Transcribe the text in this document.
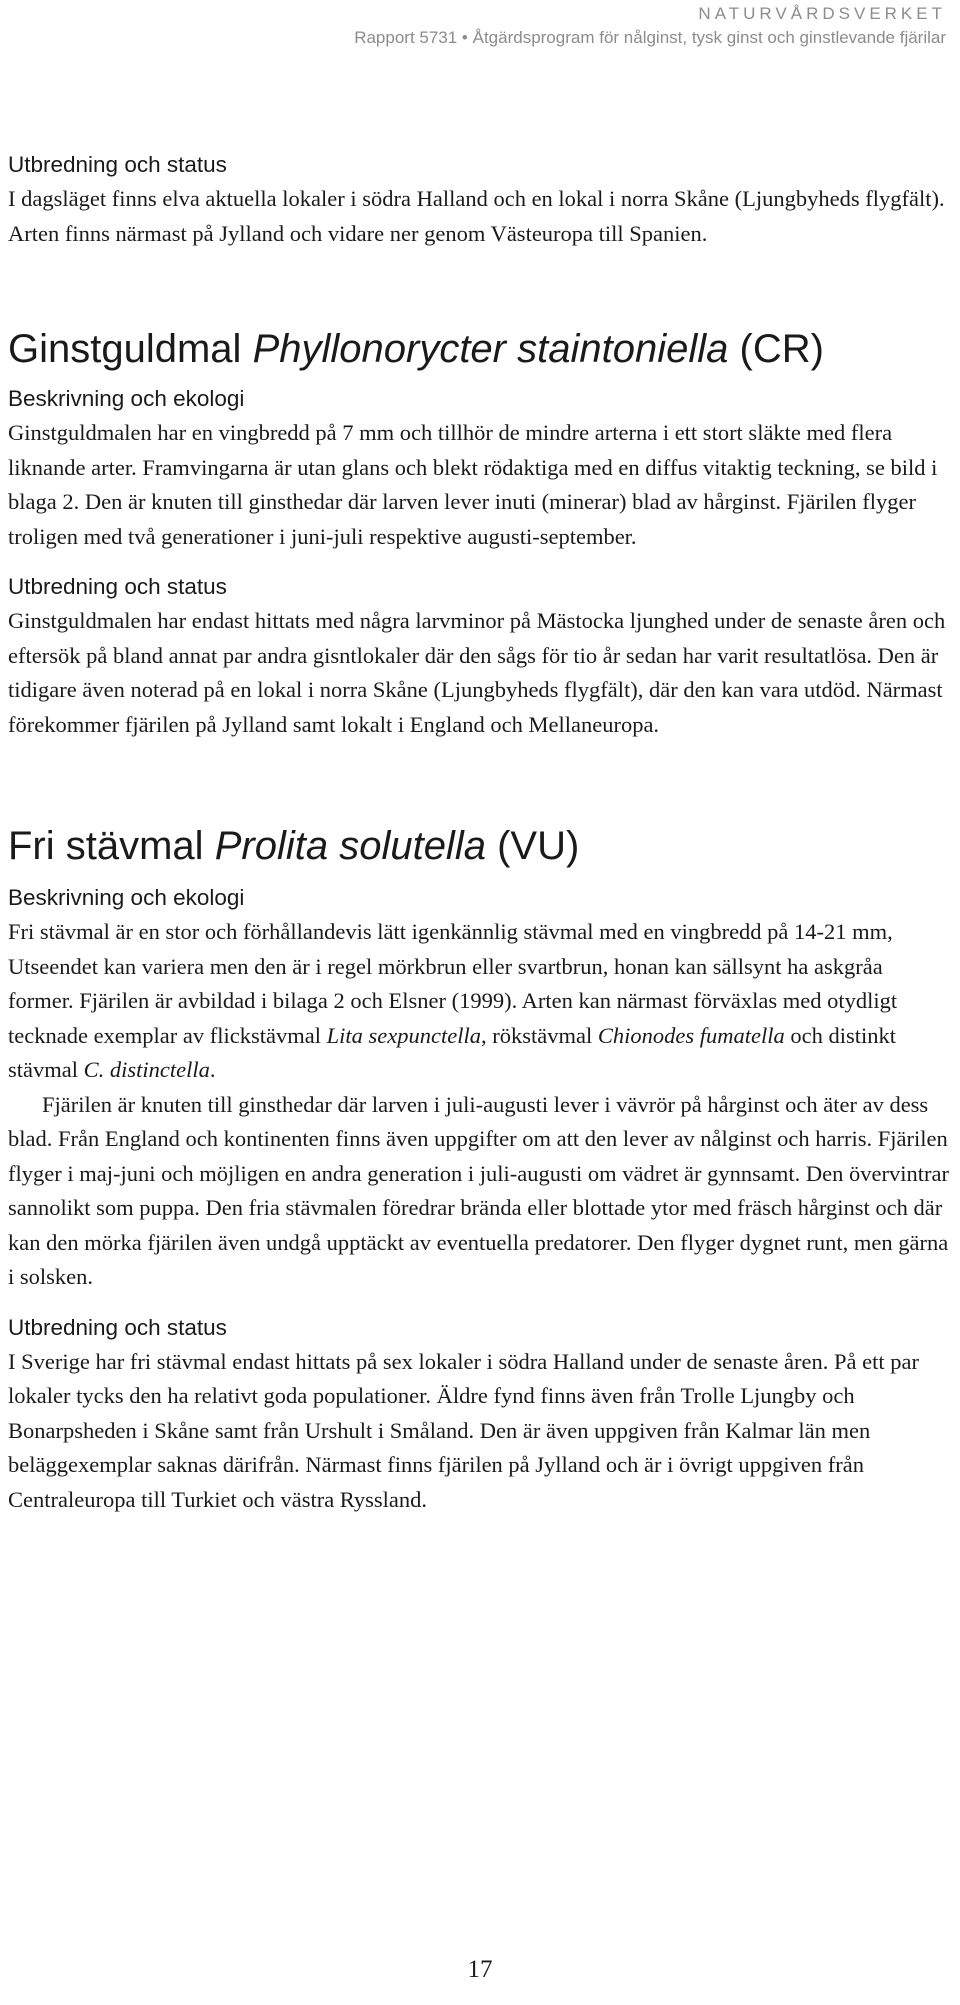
NATURVÅRDSVERKET
Rapport 5731 • Åtgärdsprogram för nålginst, tysk ginst och ginstlevande fjärilar
Utbredning och status

I dagsläget finns elva aktuella lokaler i södra Halland och en lokal i norra Skåne (Ljungbyheds flygfält). Arten finns närmast på Jylland och vidare ner genom Västeuropa till Spanien.

Ginstguldmal Phyllonorycter staintoniella (CR)
Beskrivning och ekologi

Ginstguldmalen har en vingbredd på 7 mm och tillhör de mindre arterna i ett stort släkte med flera liknande arter. Framvingarna är utan glans och blekt rödaktiga med en diffus vitaktig teckning, se bild i blaga 2. Den är knuten till ginsthedar där larven lever inuti (minerar) blad av hårginst. Fjärilen flyger troligen med två generationer i juni-juli respektive augusti-september.

Utbredning och status

Ginstguldmalen har endast hittats med några larvminor på Mästocka ljunghed under de senaste åren och eftersök på bland annat par andra gisntlokaler där den sågs för tio år sedan har varit resultatlösa. Den är tidigare även noterad på en lokal i norra Skåne (Ljungbyheds flygfält), där den kan vara utdöd. Närmast förekommer fjärilen på Jylland samt lokalt i England och Mellaneuropa.

Fri stävmal Prolita solutella (VU)
Beskrivning och ekologi

Fri stävmal är en stor och förhållandevis lätt igenkännlig stävmal med en vingbredd på 14-21 mm, Utseendet kan variera men den är i regel mörkbrun eller svartbrun, honan kan sällsynt ha askgråa former. Fjärilen är avbildad i bilaga 2 och Elsner (1999). Arten kan närmast förväxlas med otydligt tecknade exemplar av flickstävmal Lita sexpunctella, rökstävmal Chionodes fumatella och distinkt stävmal C. distinctella.

Fjärilen är knuten till ginsthedar där larven i juli-augusti lever i vävrör på hårginst och äter av dess blad. Från England och kontinenten finns även uppgifter om att den lever av nålginst och harris. Fjärilen flyger i maj-juni och möjligen en andra generation i juli-augusti om vädret är gynnsamt. Den övervintrar sannolikt som puppa. Den fria stävmalen föredrar brända eller blottade ytor med fräsch hårginst och där kan den mörka fjärilen även undgå upptäckt av eventuella predatorer. Den flyger dygnet runt, men gärna i solsken.

Utbredning och status

I Sverige har fri stävmal endast hittats på sex lokaler i södra Halland under de senaste åren. På ett par lokaler tycks den ha relativt goda populationer. Äldre fynd finns även från Trolle Ljungby och Bonarpsheden i Skåne samt från Urshult i Småland. Den är även uppgiven från Kalmar län men beläggexemplar saknas därifrån. Närmast finns fjärilen på Jylland och är i övrigt uppgiven från Centraleuropa till Turkiet och västra Ryssland.

17
